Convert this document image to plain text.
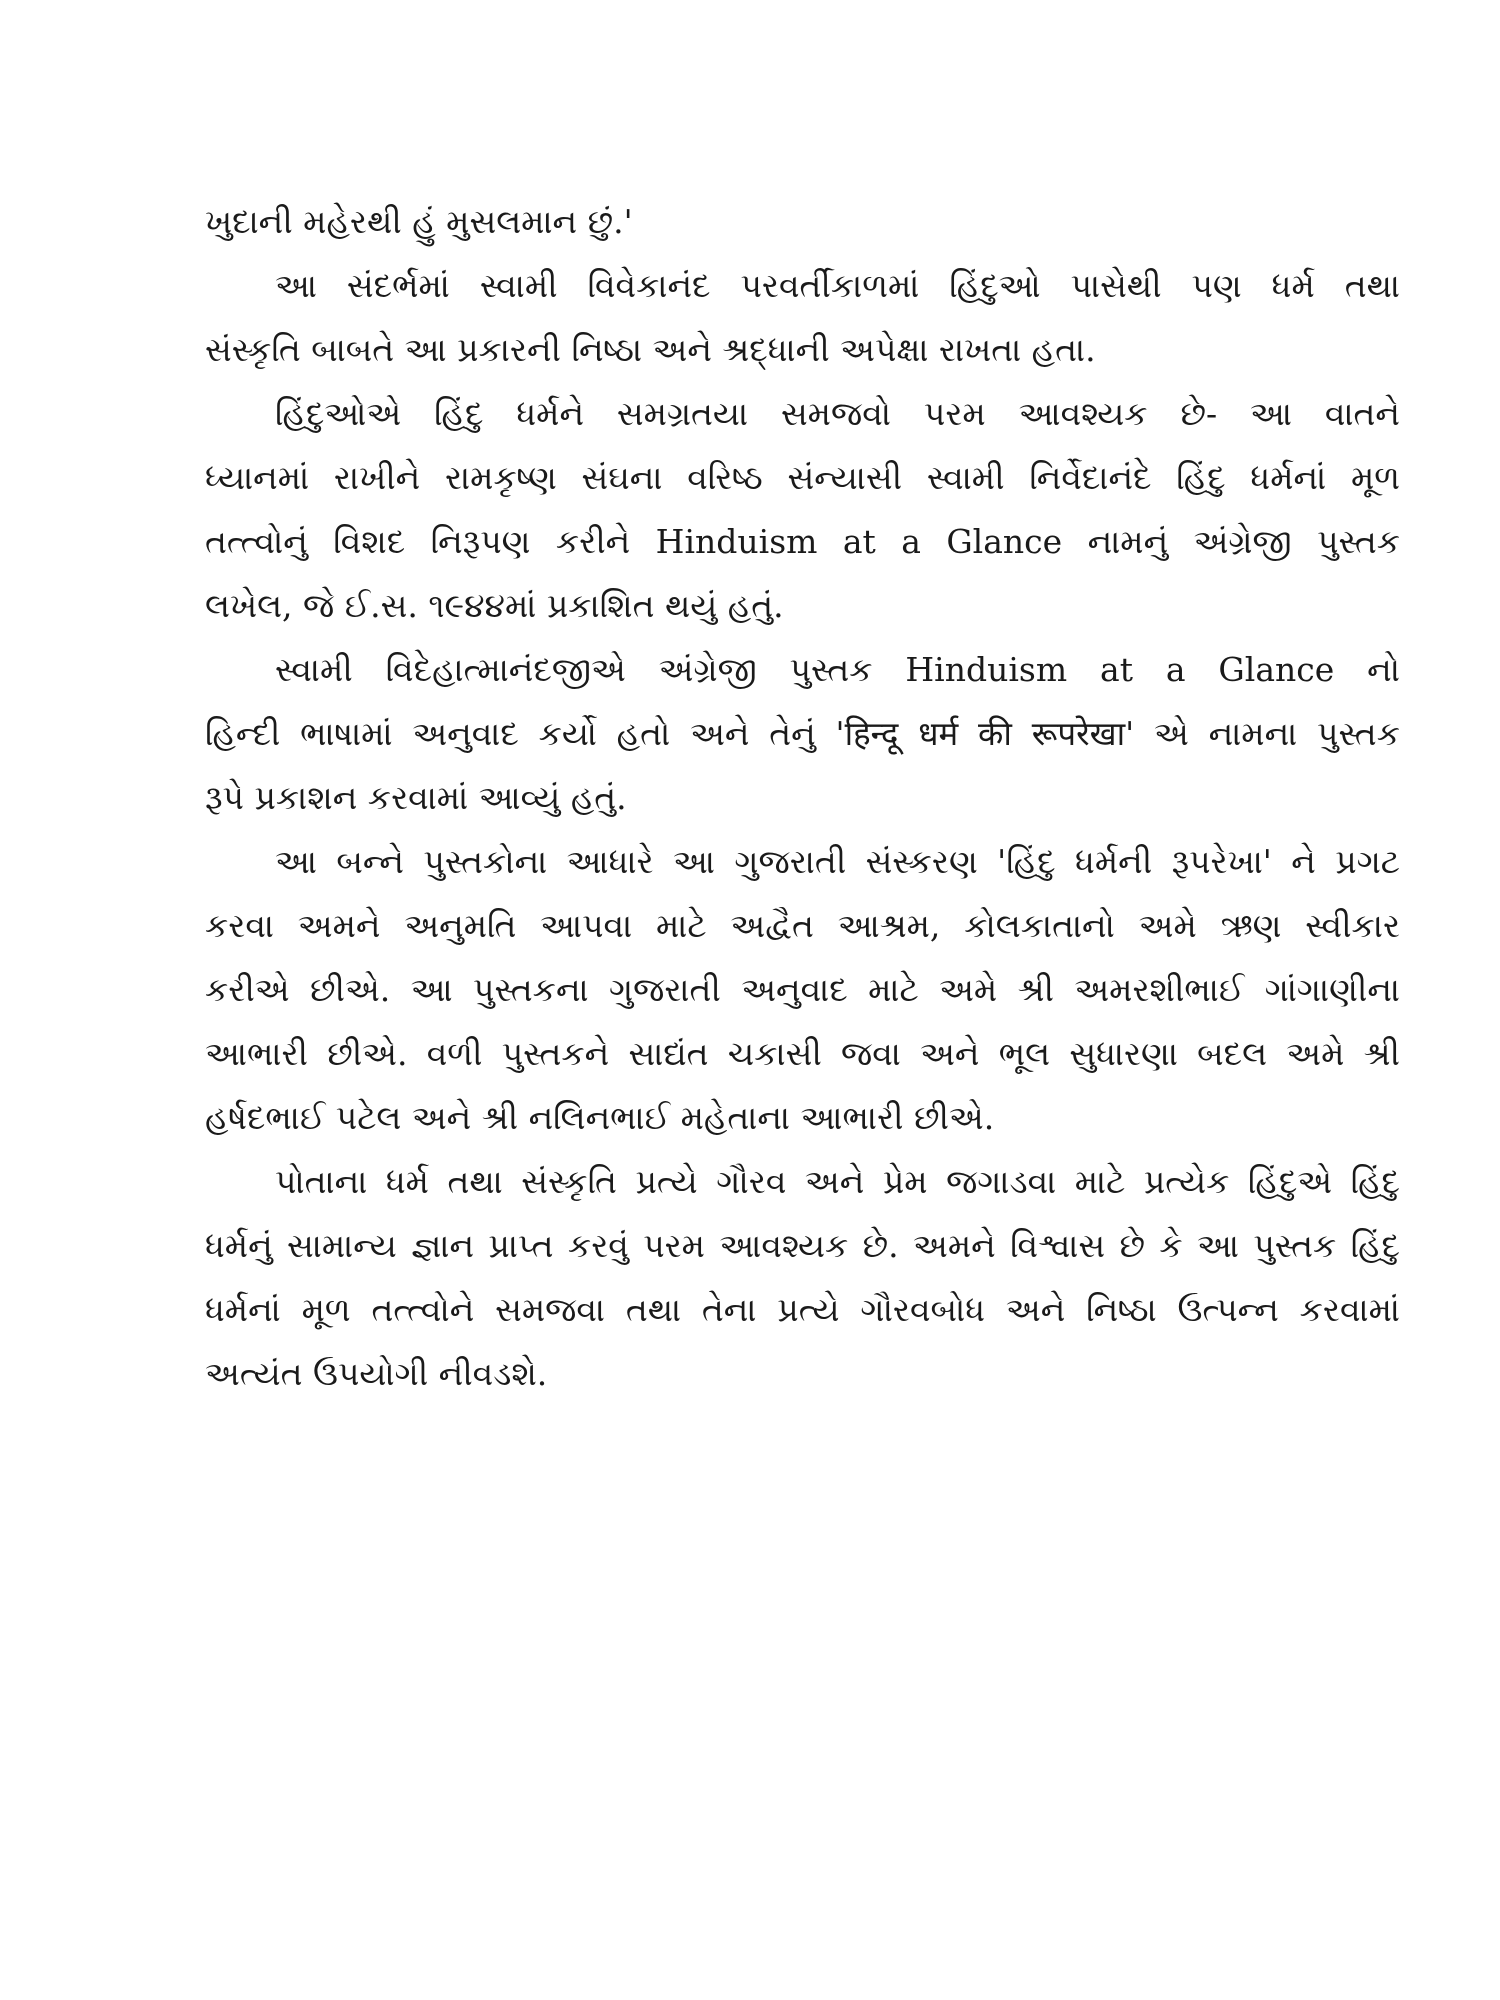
ખુદાની મહેરથી હું મુસલમાન છું.'
આ સંદર્ભમાં સ્વામી વિવેકાનંદ પરવર્તીકાળમાં હિંદુઓ પાસેથી પણ ધર્મ તથા
સંસ્કૃતિ બાબતે આ પ્રકારની નિષ્ઠા અને શ્રદ્ધાની અપેક્ષા રાખતા હતા.
હિંદુઓએ હિંદુ ધર્મને સમગ્રતયા સમજવો પરમ આવશ્યક છે- આ વાતને
ધ્યાનમાં રાખીને રામકૃષ્ણ સંઘના વરિષ્ઠ સંન્યાસી સ્વામી નિર્વેદાનંદે હિંદુ ધર્મનાં મૂળ
તત્ત્વોનું વિશદ નિરૂપણ કરીને Hinduism at a Glance નામનું અંગ્રેજી પુસ્તક
લખેલ, જે ઈ.સ. ૧૯૪૪માં પ્રકાશિત થયું હતું.
સ્વામી વિદેહાત્માનંદજીએ અંગ્રેજી પુસ્તક Hinduism at a Glance નો
હિન્દી ભાષામાં અનુવાદ કર્યો હતો અને તેનું 'हिन्दू धर्म की रूपरेखा' એ નામના પુસ્તક
રૂપે પ્રકાશન કરવામાં આવ્યું હતું.
આ બન્ને પુસ્તકોના આધારે આ ગુજરાતી સંસ્કરણ 'હિંદુ ધર્મની રૂપરેખા' ને પ્રગટ
કરવા અમને અનુમતિ આપવા માટે અદ્વૈત આશ્રમ, કોલકાતાનો અમે ઋણ સ્વીકાર
કરીએ છીએ. આ પુસ્તકના ગુજરાતી અનુવાદ માટે અમે શ્રી અમરશીભાઈ ગાંગાણીના
આભારી છીએ. વળી પુસ્તકને સાદ્યંત ચકાસી જવા અને ભૂલ સુધારણા બદલ અમે શ્રી
હર્ષદભાઈ પટેલ અને શ્રી નલિનભાઈ મહેતાના આભારી છીએ.
પોતાના ધર્મ તથા સંસ્કૃતિ પ્રત્યે ગૌરવ અને પ્રેમ જગાડવા માટે પ્રત્યેક હિંદુએ હિંદુ
ધર્મનું સામાન્ય જ્ઞાન પ્રાપ્ત કરવું પરમ આવશ્યક છે. અમને વિશ્વાસ છે કે આ પુસ્તક હિંદુ
ધર્મનાં મૂળ તત્ત્વોને સમજવા તથા તેના પ્રત્યે ગૌરવબોધ અને નિષ્ઠા ઉત્પન્ન કરવામાં
અત્યંત ઉપયોગી નીવડશે.
